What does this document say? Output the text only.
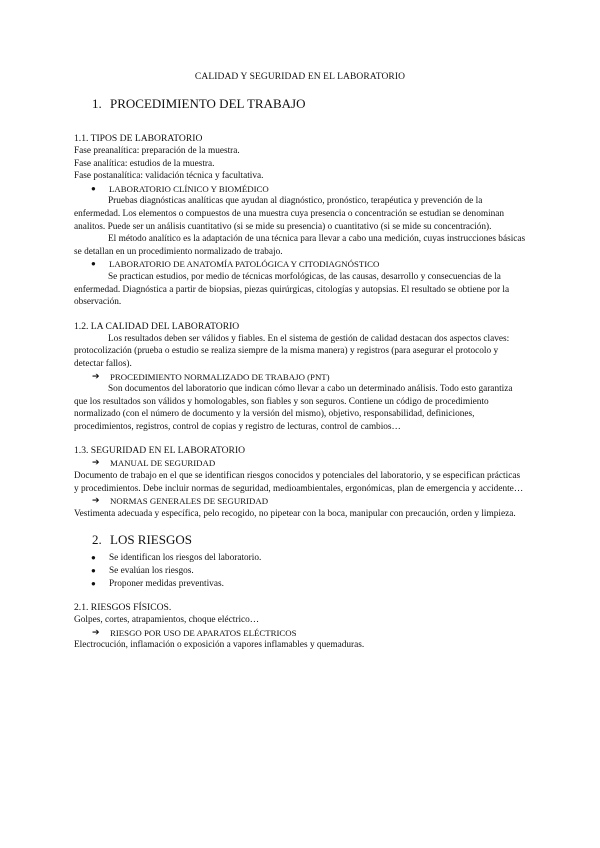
CALIDAD Y SEGURIDAD EN EL LABORATORIO
1. PROCEDIMIENTO DEL TRABAJO

1.1. TIPOS DE LABORATORIO

Fase preanalítica: preparación de la muestra.

Fase analítica: estudios de la muestra.

Fase postanalítica: validación técnica y facultativa.

●	LABORATORIO CLÍNICO Y BIOMÉDICO

Pruebas diagnósticas analíticas que ayudan al diagnóstico, pronóstico, terapéutica y prevención de la enfermedad. Los elementos o compuestos de una muestra cuya presencia o concentración se estudian se denominan analitos. Puede ser un análisis cuantitativo (si se mide su presencia) o cuantitativo (si se mide su concentración).

El método analítico es la adaptación de una técnica para llevar a cabo una medición, cuyas instrucciones básicas se detallan en un procedimiento normalizado de trabajo.

●	LABORATORIO DE ANATOMÍA PATOLÓGICA Y CITODIAGNÓSTICO

Se practican estudios, por medio de técnicas morfológicas, de las causas, desarrollo y consecuencias de la enfermedad. Diagnóstica a partir de biopsias, piezas quirúrgicas, citologías y autopsias. El resultado se obtiene por la observación.

1.2. LA CALIDAD DEL LABORATORIO

Los resultados deben ser válidos y fiables. En el sistema de gestión de calidad destacan dos aspectos claves: protocolización (prueba o estudio se realiza siempre de la misma manera) y registros (para asegurar el protocolo y detectar fallos).

➔	PROCEDIMIENTO NORMALIZADO DE TRABAJO (PNT)

Son documentos del laboratorio que indican cómo llevar a cabo un determinado análisis. Todo esto garantiza que los resultados son válidos y homologables, son fiables y son seguros. Contiene un código de procedimiento normalizado (con el número de documento y la versión del mismo), objetivo, responsabilidad, definiciones, procedimientos, registros, control de copias y registro de lecturas, control de cambios…

1.3. SEGURIDAD EN EL LABORATORIO

➔	MANUAL DE SEGURIDAD

Documento de trabajo en el que se identifican riesgos conocidos y potenciales del laboratorio, y se especifican prácticas y procedimientos. Debe incluir normas de seguridad, medioambientales, ergonómicas, plan de emergencia y accidente…

➔	NORMAS GENERALES DE SEGURIDAD

Vestimenta adecuada y específica, pelo recogido, no pipetear con la boca, manipular con precaución, orden y limpieza.

2. LOS RIESGOS
●	Se identifican los riesgos del laboratorio.
●	Se evalúan los riesgos.
●	Proponer medidas preventivas.

2.1. RIESGOS FÍSICOS.

Golpes, cortes, atrapamientos, choque eléctrico…

➔	RIESGO POR USO DE APARATOS ELÉCTRICOS

Electrocución, inflamación o exposición a vapores inflamables y quemaduras.
